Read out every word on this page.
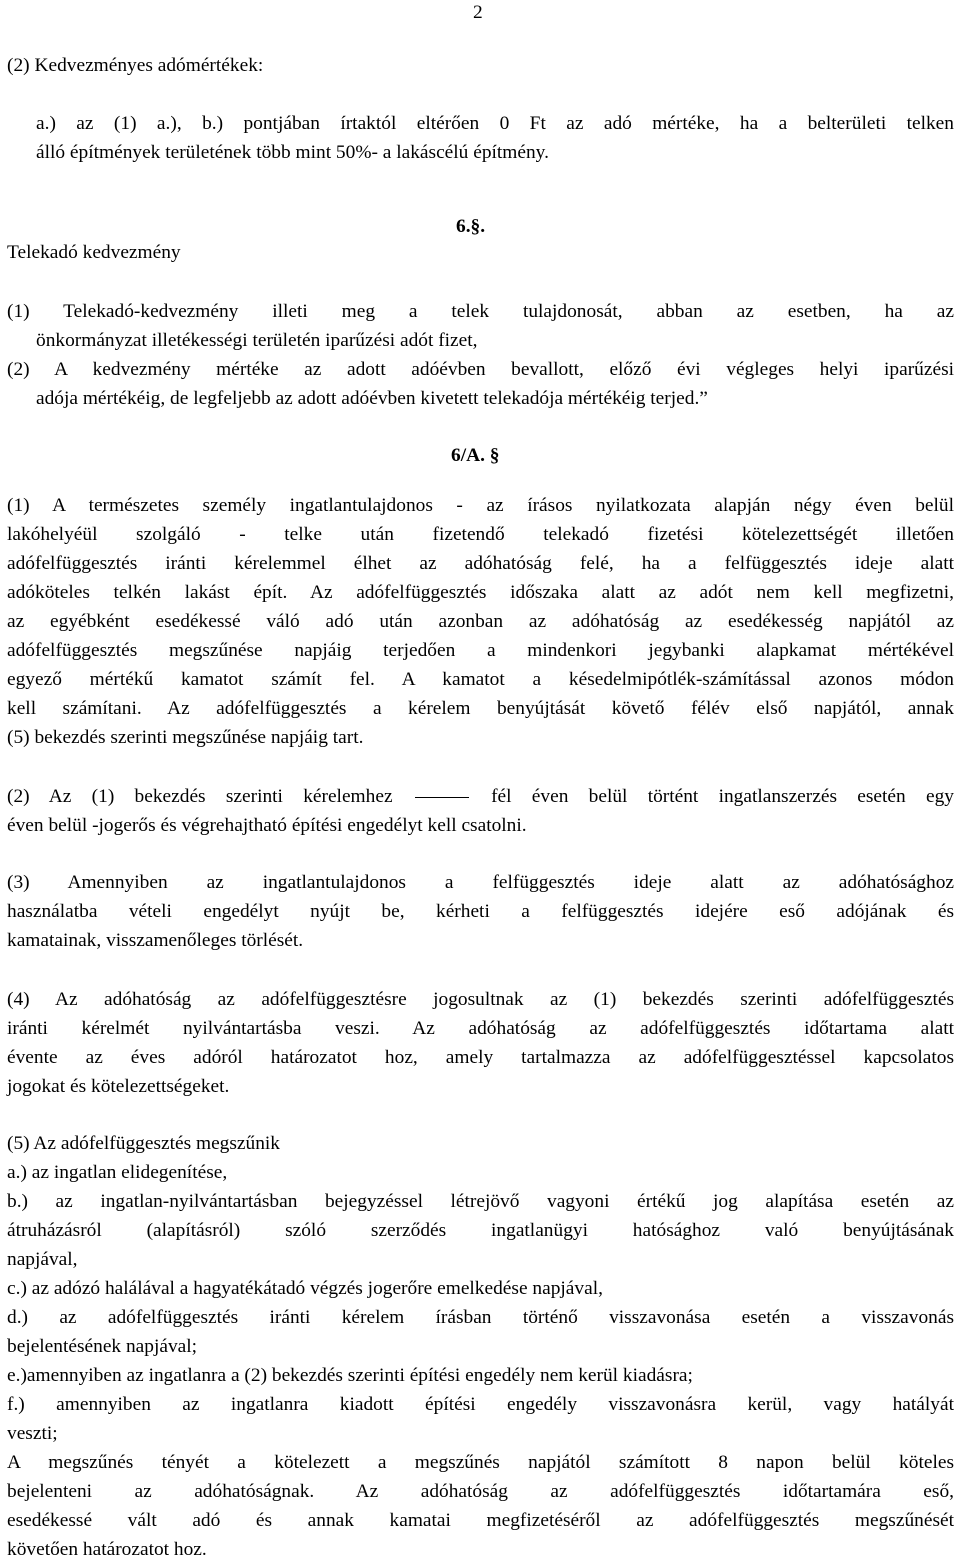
2
(2) Kedvezményes adómértékek:
a.) az (1) a.), b.) pontjában írtaktól eltérően 0 Ft az adó mértéke, ha a belterületi telken
álló építmények területének több mint 50%- a lakáscélú építmény.
Telekadó kedvezmény
6.§.
(1) Telekadó-kedvezmény illeti meg a telek tulajdonosát, abban az esetben, ha az
önkormányzat illetékességi területén iparűzési adót fizet,
(2) A kedvezmény mértéke az adott adóévben bevallott, előző évi végleges helyi iparűzési
adója mértékéig, de legfeljebb az adott adóévben kivetett telekadója mértékéig terjed.”
6/A. §
(1) A természetes személy ingatlantulajdonos - az írásos nyilatkozata alapján négy éven belül
lakóhelyéül szolgáló - telke után fizetendő telekadó fizetési kötelezettségét illetően
adófelfüggesztés iránti kérelemmel élhet az adóhatóság felé, ha a felfüggesztés ideje alatt
adóköteles telkén lakást épít. Az adófelfüggesztés időszaka alatt az adót nem kell megfizetni,
az egyébként esedékessé váló adó után azonban az adóhatóság az esedékesség napjától az
adófelfüggesztés megszűnése napjáig terjedően a mindenkori jegybanki alapkamat mértékével
egyező mértékű kamatot számít fel. A kamatot a késedelmipótlék-számítással azonos módon
kell számítani. Az adófelfüggesztés a kérelem benyújtását követő félév első napjától, annak
(5) bekezdés szerinti megszűnése napjáig tart.
(2) Az (1) bekezdés szerinti kérelemhez	fél éven belül történt ingatlanszerzés esetén egy
éven belül -jogerős és végrehajtható építési engedélyt kell csatolni.
(3) Amennyiben az ingatlantulajdonos a felfüggesztés ideje alatt az adóhatósághoz
használatba vételi engedélyt nyújt be, kérheti a felfüggesztés idejére eső adójának és
kamatainak, visszamenőleges törlését.
(4) Az adóhatóság az adófelfüggesztésre jogosultnak az (1) bekezdés szerinti adófelfüggesztés
iránti kérelmét nyilvántartásba veszi. Az adóhatóság az adófelfüggesztés időtartama alatt
évente az éves adóról határozatot hoz, amely tartalmazza az adófelfüggesztéssel kapcsolatos
jogokat és kötelezettségeket.
(5) Az adófelfüggesztés megszűnik
a.) az ingatlan elidegenítése,
b.) az ingatlan-nyilvántartásban bejegyzéssel létrejövő vagyoni értékű jog alapítása esetén az
átruházásról (alapításról) szóló szerződés ingatlanügyi hatósághoz való benyújtásának
napjával,
c.) az adózó halálával a hagyatékátadó végzés jogerőre emelkedése napjával,
d.) az adófelfüggesztés iránti kérelem írásban történő visszavonása esetén a visszavonás
bejelentésének napjával;
e.)amennyiben az ingatlanra a (2) bekezdés szerinti építési engedély nem kerül kiadásra;
f.) amennyiben az ingatlanra kiadott építési engedély visszavonásra kerül, vagy hatályát
veszti;
A megszűnés tényét a kötelezett a megszűnés napjától számított 8 napon belül köteles
bejelenteni az adóhatóságnak. Az adóhatóság az adófelfüggesztés időtartamára eső,
esedékessé vált adó és annak kamatai megfizetéséről az adófelfüggesztés megszűnését
követően határozatot hoz.
